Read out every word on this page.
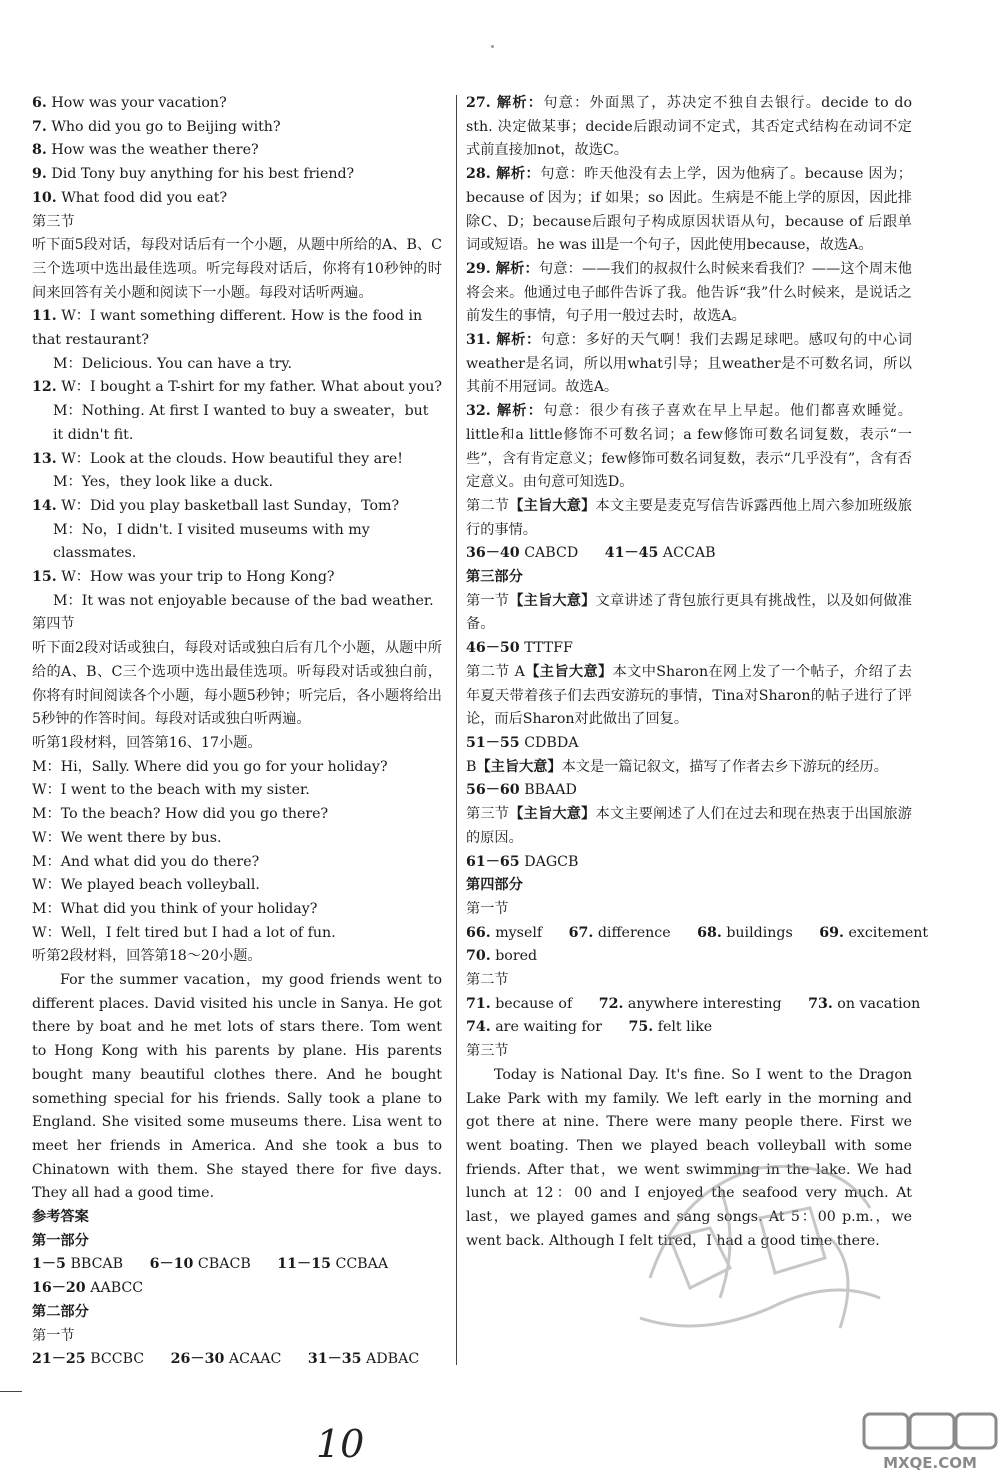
6. How was your vacation?
7. Who did you go to Beijing with?
8. How was the weather there?
9. Did Tony buy anything for his best friend?
10. What food did you eat?
第三节
听下面5段对话，每段对话后有一个小题，从题中所给的A、B、C三个选项中选出最佳选项。听完每段对话后，你将有10秒钟的时间来回答有关小题和阅读下一小题。每段对话听两遍。
11. W：I want something different. How is the food in that restaurant?
M：Delicious. You can have a try.
12. W：I bought a T-shirt for my father. What about you?
M：Nothing. At first I wanted to buy a sweater，but it didn't fit.
13. W：Look at the clouds. How beautiful they are!
M：Yes，they look like a duck.
14. W：Did you play basketball last Sunday，Tom?
M：No，I didn't. I visited museums with my classmates.
15. W：How was your trip to Hong Kong?
M：It was not enjoyable because of the bad weather.
第四节
听下面2段对话或独白，每段对话或独白后有几个小题，从题中所给的A、B、C三个选项中选出最佳选项。听每段对话或独白前，你将有时间阅读各个小题，每小题5秒钟；听完后，各小题将给出5秒钟的作答时间。每段对话或独白听两遍。
听第1段材料，回答第16、17小题。
M：Hi，Sally. Where did you go for your holiday?
W：I went to the beach with my sister.
M：To the beach? How did you go there?
W：We went there by bus.
M：And what did you do there?
W：We played beach volleyball.
M：What did you think of your holiday?
W：Well，I felt tired but I had a lot of fun.
听第2段材料，回答第18～20小题。
For the summer vacation，my good friends went to different places. David visited his uncle in Sanya. He got there by boat and he met lots of stars there. Tom went to Hong Kong with his parents by plane. His parents bought many beautiful clothes there. And he bought something special for his friends. Sally took a plane to England. She visited some museums there. Lisa went to meet her friends in America. And she took a bus to Chinatown with them. She stayed there for five days. They all had a good time.
参考答案
第一部分
1－5 BBCAB 6－10 CBACB 11－15 CCBAA
16－20 AABCC
第二部分
第一节
21－25 BCCBC 26－30 ACAAC 31－35 ADBAC
27. 解析：句意：外面黑了，苏决定不独自去银行。decide to do sth. 决定做某事；decide后跟动词不定式，其否定式结构在动词不定式前直接加not，故选C。
28. 解析：句意：昨天他没有去上学，因为他病了。because 因为；because of 因为；if 如果；so 因此。生病是不能上学的原因，因此排除C、D；because后跟句子构成原因状语从句，because of 后跟单词或短语。he was ill是一个句子，因此使用because，故选A。
29. 解析：句意：——我们的叔叔什么时候来看我们？——这个周末他将会来。他通过电子邮件告诉了我。他告诉“我”什么时候来，是说话之前发生的事情，句子用一般过去时，故选A。
31. 解析：句意：多好的天气啊！我们去踢足球吧。感叹句的中心词weather是名词，所以用what引导；且weather是不可数名词，所以其前不用冠词。故选A。
32. 解析：句意：很少有孩子喜欢在早上早起。他们都喜欢睡觉。little和a little修饰不可数名词；a few修饰可数名词复数，表示“一些”，含有肯定意义；few修饰可数名词复数，表示“几乎没有”，含有否定意义。由句意可知选D。
第二节【主旨大意】本文主要是麦克写信告诉露西他上周六参加班级旅行的事情。
36－40 CABCD 41－45 ACCAB
第三部分
第一节【主旨大意】文章讲述了背包旅行更具有挑战性，以及如何做准备。
46－50 TTTFF
第二节 A【主旨大意】本文中Sharon在网上发了一个帖子，介绍了去年夏天带着孩子们去西安游玩的事情，Tina对Sharon的帖子进行了评论，而后Sharon对此做出了回复。
51－55 CDBDA
B【主旨大意】本文是一篇记叙文，描写了作者去乡下游玩的经历。
56－60 BBAAD
第三节【主旨大意】本文主要阐述了人们在过去和现在热衷于出国旅游的原因。
61－65 DAGCB
第四部分
第一节
66. myself 67. difference 68. buildings 69. excitement
70. bored
第二节
71. because of 72. anywhere interesting 73. on vacation
74. are waiting for 75. felt like
第三节
Today is National Day. It's fine. So I went to the Dragon Lake Park with my family. We left early in the morning and got there at nine. There were many people there. First we went boating. Then we played beach volleyball with some friends. After that，we went swimming in the lake. We had lunch at 12：00 and I enjoyed the seafood very much. At last，we played games and sang songs. At 5：00 p.m.，we went back. Although I felt tired，I had a good time there.
MXQE.COM
10
